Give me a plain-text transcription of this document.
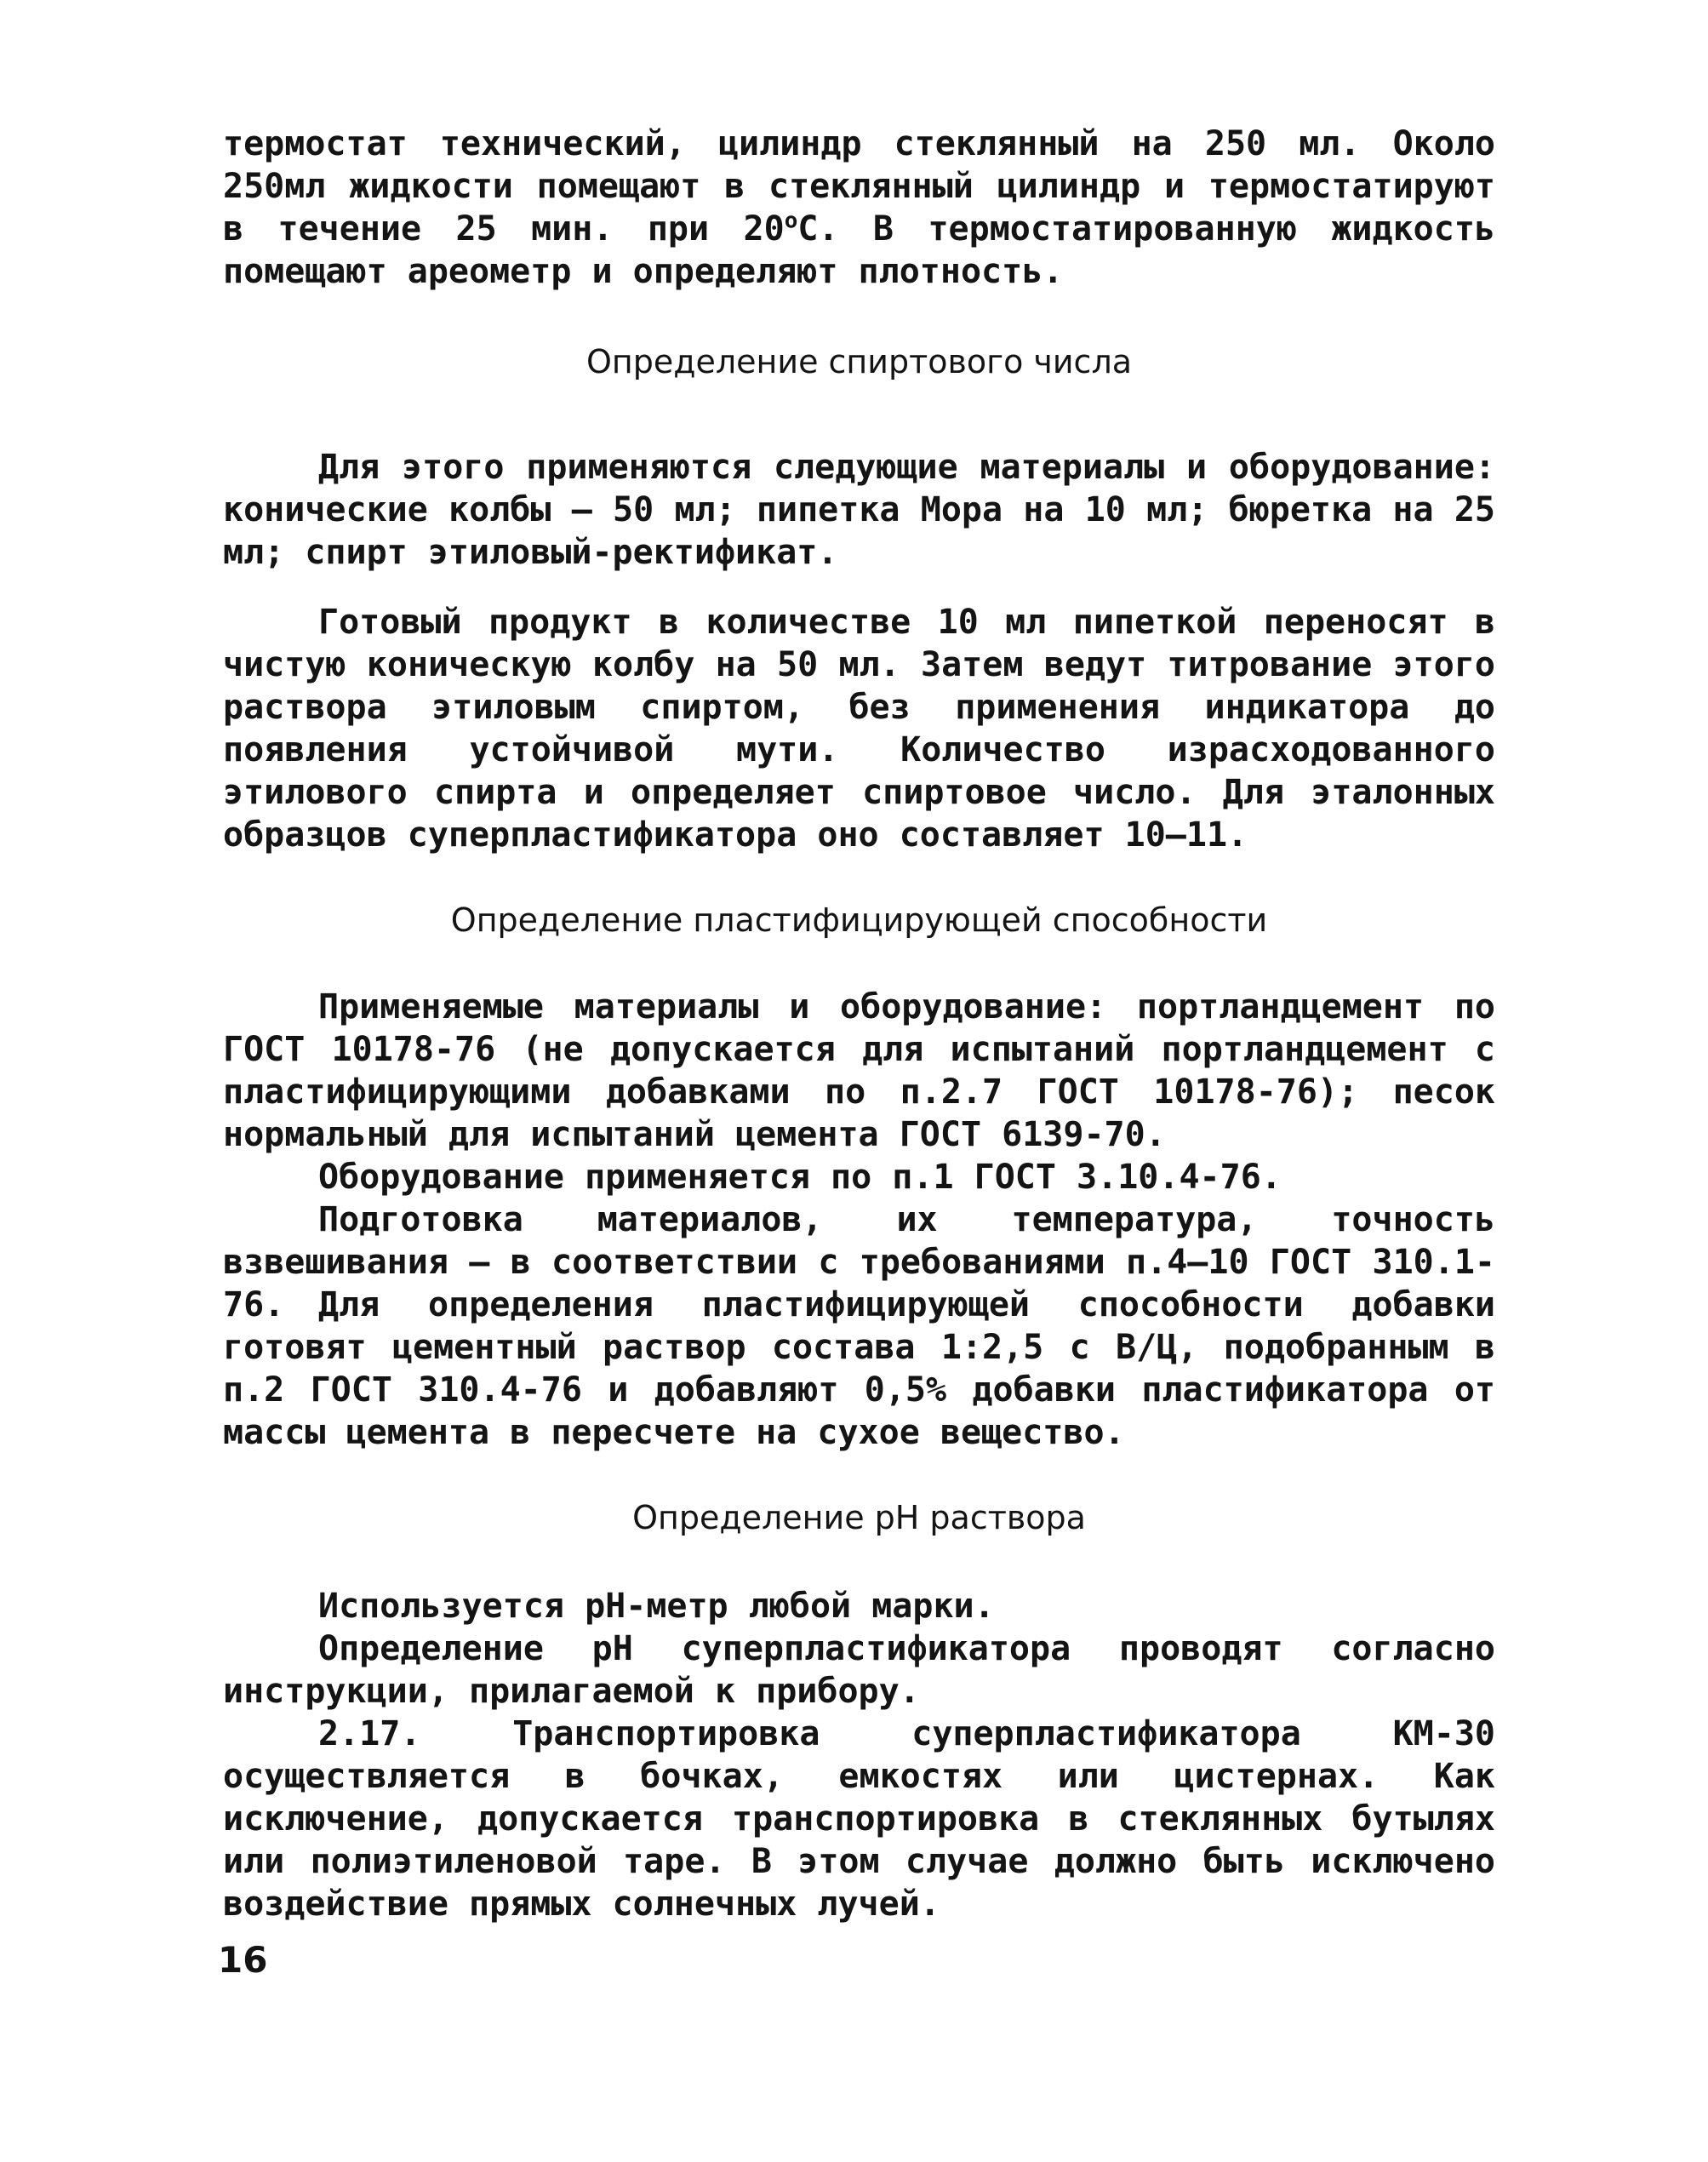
термостат технический, цилиндр стеклянный на 250 мл. Около 250мл жидкости помещают в стеклянный цилиндр и термостатируют в течение 25 мин. при 20$^o$C. В термостатированную жидкость помещают ареометр и определяют плотность.

Определение спиртового числа

Для этого применяются следующие материалы и оборудование: конические колбы – 50 мл; пипетка Мора на 10 мл; бюретка на 25 мл; спирт этиловый-ректификат.

Готовый продукт в количестве 10 мл пипеткой переносят в чистую коническую колбу на 50 мл. Затем ведут титрование этого раствора этиловым спиртом, без применения индикатора до появления устойчивой мути. Количество израсходованного этилового спирта и определяет спиртовое число. Для эталонных образцов суперпластификатора оно составляет 10–11.

Определение пластифицирующей способности

Применяемые материалы и оборудование: портландцемент по ГОСТ 10178-76 (не допускается для испытаний портландцемент с пластифицирующими добавками по п.2.7 ГОСТ 10178-76); песок нормальный для испытаний цемента ГОСТ 6139-70.

Оборудование применяется по п.1 ГОСТ 3.10.4-76.

Подготовка материалов, их температура, точность взвешивания – в соответствии с требованиями п.4–10 ГОСТ 310.1-76. Для определения пластифицирующей способности добавки готовят цементный раствор состава 1:2,5 с В/Ц, подобранным в п.2 ГОСТ 310.4-76 и добавляют 0,5% добавки пластификатора от массы цемента в пересчете на сухое вещество.

Определение pH раствора

Используется pH-метр любой марки.

Определение pH суперпластификатора проводят согласно инструкции, прилагаемой к прибору.

2.17. Транспортировка суперпластификатора КМ-30 осуществляется в бочках, емкостях или цистернах. Как исключение, допускается транспортировка в стеклянных бутылях или полиэтиленовой таре. В этом случае должно быть исключено воздействие прямых солнечных лучей.

16
